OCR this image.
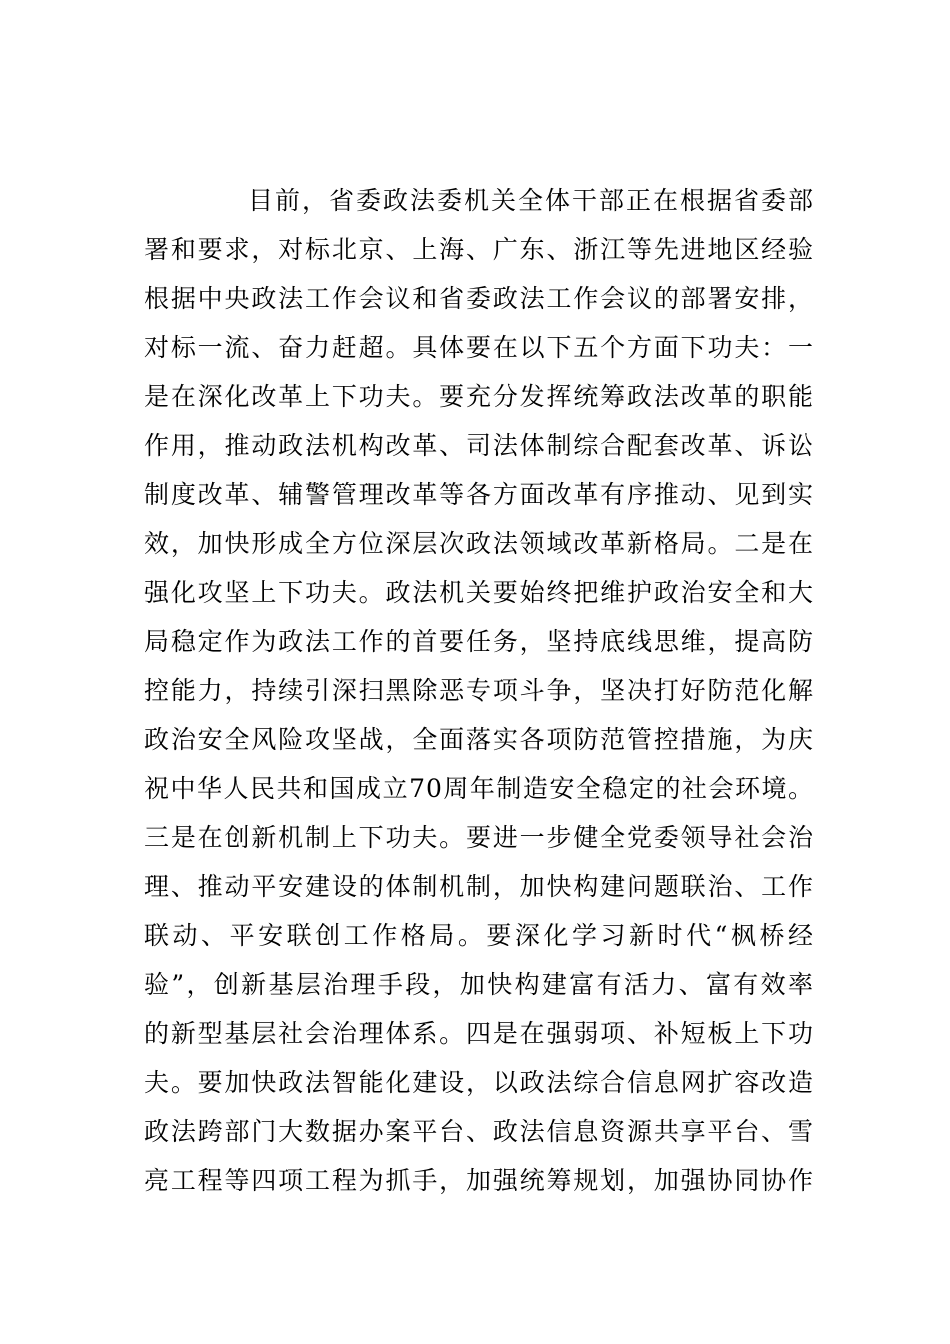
目前，省委政法委机关全体干部正在根据省委部
署和要求，对标北京、上海、广东、浙江等先进地区经验
根据中央政法工作会议和省委政法工作会议的部署安排，
对标一流、奋力赶超。具体要在以下五个方面下功夫：一
是在深化改革上下功夫。要充分发挥统筹政法改革的职能
作用，推动政法机构改革、司法体制综合配套改革、诉讼
制度改革、辅警管理改革等各方面改革有序推动、见到实
效，加快形成全方位深层次政法领域改革新格局。二是在
强化攻坚上下功夫。政法机关要始终把维护政治安全和大
局稳定作为政法工作的首要任务，坚持底线思维，提高防
控能力，持续引深扫黑除恶专项斗争，坚决打好防范化解
政治安全风险攻坚战，全面落实各项防范管控措施，为庆
祝中华人民共和国成立70周年制造安全稳定的社会环境。
三是在创新机制上下功夫。要进一步健全党委领导社会治
理、推动平安建设的体制机制，加快构建问题联治、工作
联动、平安联创工作格局。要深化学习新时代“枫桥经
验”，创新基层治理手段，加快构建富有活力、富有效率
的新型基层社会治理体系。四是在强弱项、补短板上下功
夫。要加快政法智能化建设，以政法综合信息网扩容改造
政法跨部门大数据办案平台、政法信息资源共享平台、雪
亮工程等四项工程为抓手，加强统筹规划，加强协同协作
